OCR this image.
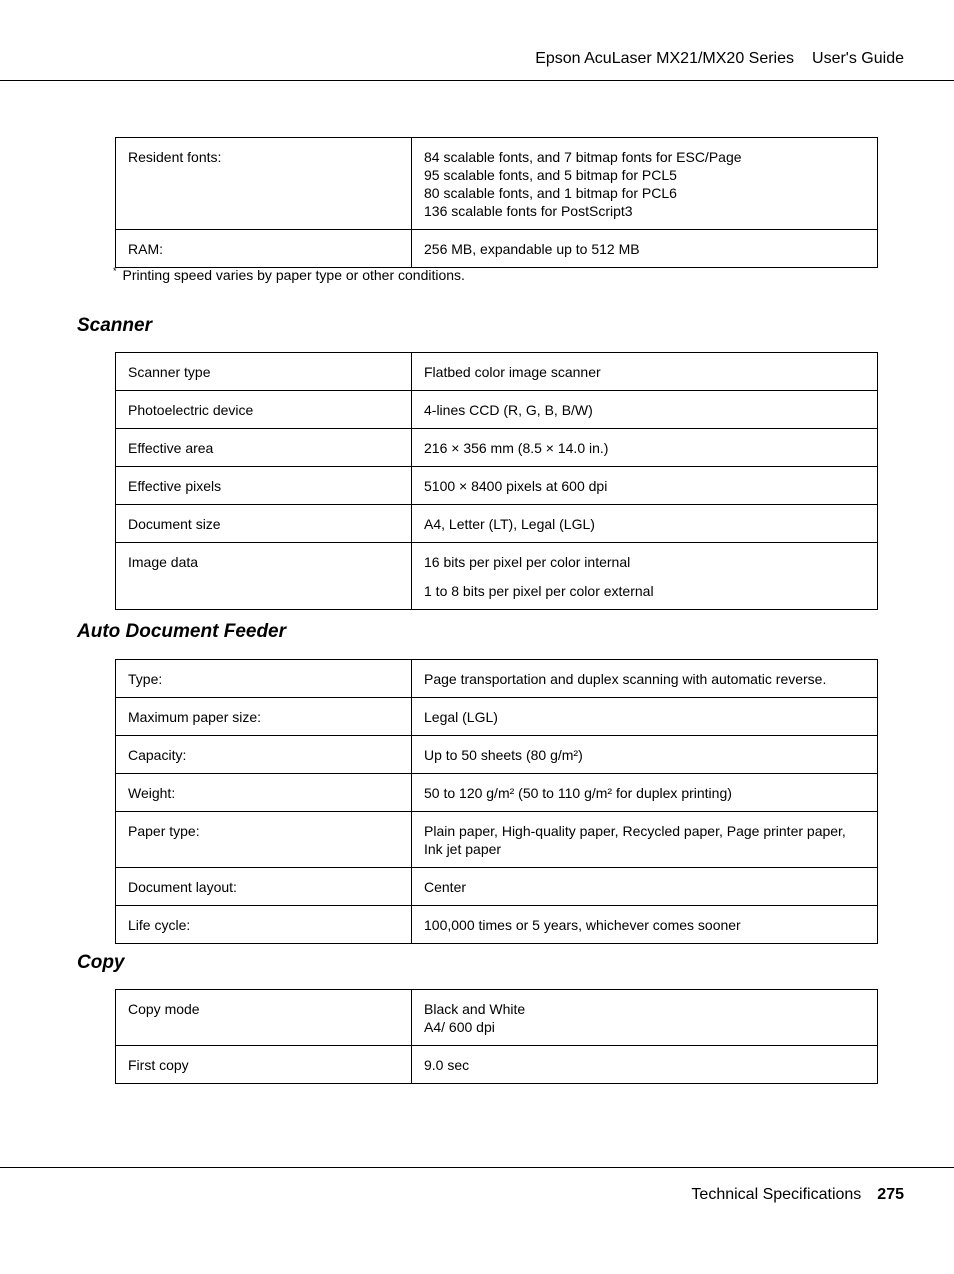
Epson AcuLaser MX21/MX20 Series User's Guide
Resident fonts:	84 scalable fonts, and 7 bitmap fonts for ESC/Page
95 scalable fonts, and 5 bitmap for PCL5
80 scalable fonts, and 1 bitmap for PCL6
136 scalable fonts for PostScript3

RAM:	256 MB, expandable up to 512 MB
* Printing speed varies by paper type or other conditions.
Scanner
Scanner type	Flatbed color image scanner
Photoelectric device	4-lines CCD (R, G, B, B/W)
Effective area	216 × 356 mm (8.5 × 14.0 in.)
Effective pixels	5100 × 8400 pixels at 600 dpi
Document size	A4, Letter (LT), Legal (LGL)
Image data	16 bits per pixel per color internal
1 to 8 bits per pixel per color external
Auto Document Feeder
Type:	Page transportation and duplex scanning with automatic reverse.
Maximum paper size:	Legal (LGL)
Capacity:	Up to 50 sheets (80 g/m²)
Weight:	50 to 120 g/m² (50 to 110 g/m² for duplex printing)
Paper type:	Plain paper, High-quality paper, Recycled paper, Page printer paper, Ink jet paper
Document layout:	Center
Life cycle:	100,000 times or 5 years, whichever comes sooner
Copy
Copy mode	Black and White
A4/ 600 dpi

First copy	9.0 sec
Technical Specifications 275
